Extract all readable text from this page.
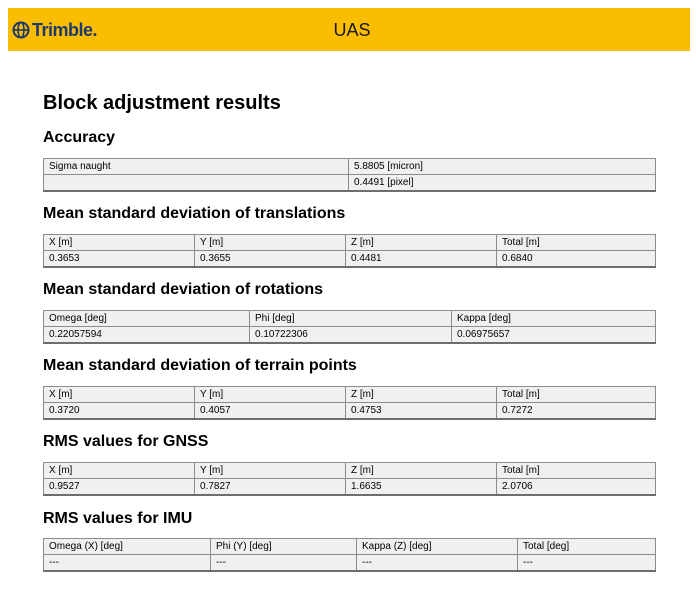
Trimble.	UAS
Block adjustment results
Accuracy
Sigma naught	5.8805 [micron]
	0.4491 [pixel]
Mean standard deviation of translations
X [m]	Y [m]	Z [m]	Total [m]
0.3653	0.3655	0.4481	0.6840
Mean standard deviation of rotations
Omega [deg]	Phi [deg]	Kappa [deg]
0.22057594	0.10722306	0.06975657
Mean standard deviation of terrain points
X [m]	Y [m]	Z [m]	Total [m]
0.3720	0.4057	0.4753	0.7272
RMS values for GNSS
X [m]	Y [m]	Z [m]	Total [m]
0.9527	0.7827	1.6635	2.0706
RMS values for IMU
Omega (X) [deg]	Phi (Y) [deg]	Kappa (Z) [deg]	Total [deg]
---	---	---	---
